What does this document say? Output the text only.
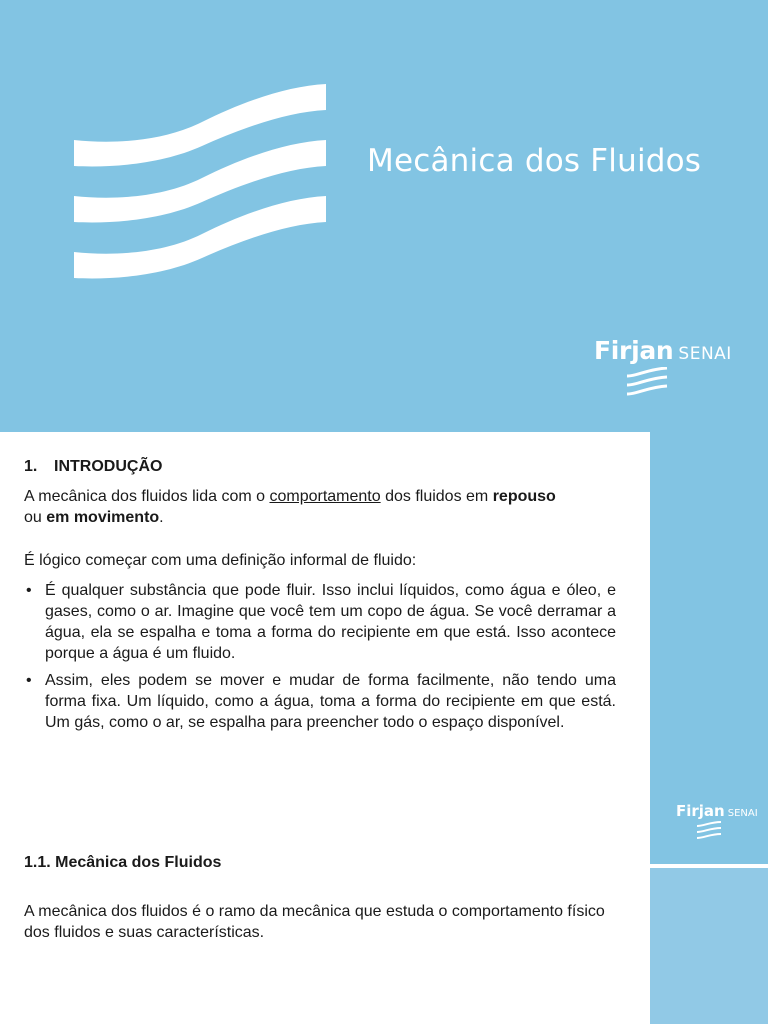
Mecânica dos Fluidos
Firjan SENAI
Firjan SENAI
1.	INTRODUÇÃO

A mecânica dos fluidos lida com o comportamento dos fluidos em repouso
ou em movimento.

É lógico começar com uma definição informal de fluido:

• É qualquer substância que pode fluir. Isso inclui líquidos, como água e óleo, e gases, como o ar. Imagine que você tem um copo de água. Se você derramar a água, ela se espalha e toma a forma do recipiente em que está. Isso acontece porque a água é um fluido.
• Assim, eles podem se mover e mudar de forma facilmente, não tendo uma forma fixa. Um líquido, como a água, toma a forma do recipiente em que está. Um gás, como o ar, se espalha para preencher todo o espaço disponível.
1.1. Mecânica dos Fluidos

A mecânica dos fluidos é o ramo da mecânica que estuda o comportamento físico dos fluidos e suas características.
